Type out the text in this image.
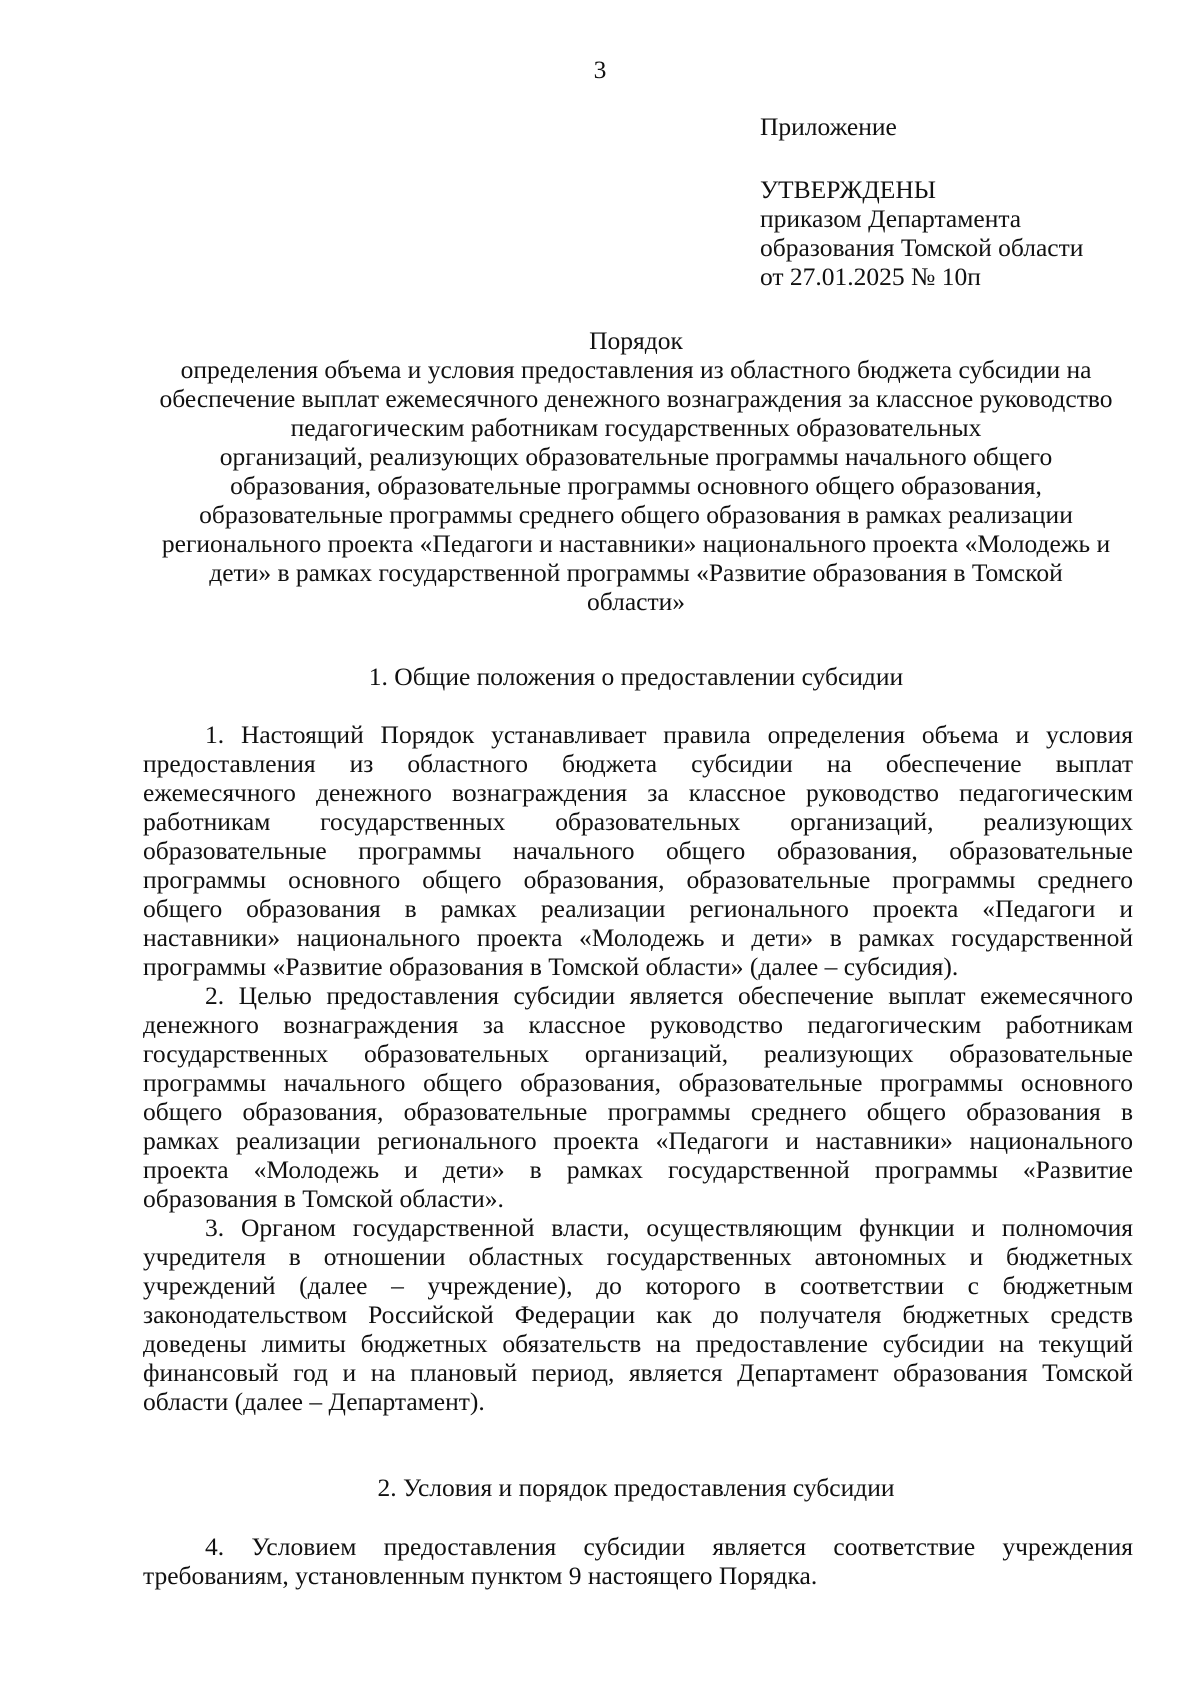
3
Приложение
УТВЕРЖДЕНЫ
приказом Департамента
образования Томской области
от 27.01.2025 № 10п
Порядок
определения объема и условия предоставления из областного бюджета субсидии на
обеспечение выплат ежемесячного денежного вознаграждения за классное руководство
педагогическим работникам государственных образовательных
организаций, реализующих образовательные программы начального общего
образования, образовательные программы основного общего образования,
образовательные программы среднего общего образования в рамках реализации
регионального проекта «Педагоги и наставники» национального проекта «Молодежь и
дети» в рамках государственной программы «Развитие образования в Томской
области»
1. Общие положения о предоставлении субсидии
1. Настоящий Порядок устанавливает правила определения объема и условия
предоставления из областного бюджета субсидии на обеспечение выплат
ежемесячного денежного вознаграждения за классное руководство педагогическим
работникам государственных образовательных организаций, реализующих
образовательные программы начального общего образования, образовательные
программы основного общего образования, образовательные программы среднего
общего образования в рамках реализации регионального проекта «Педагоги и
наставники» национального проекта «Молодежь и дети» в рамках государственной
программы «Развитие образования в Томской области» (далее – субсидия).
2. Целью предоставления субсидии является обеспечение выплат ежемесячного
денежного вознаграждения за классное руководство педагогическим работникам
государственных образовательных организаций, реализующих образовательные
программы начального общего образования, образовательные программы основного
общего образования, образовательные программы среднего общего образования в
рамках реализации регионального проекта «Педагоги и наставники» национального
проекта «Молодежь и дети» в рамках государственной программы «Развитие
образования в Томской области».
3. Органом государственной власти, осуществляющим функции и полномочия
учредителя в отношении областных государственных автономных и бюджетных
учреждений (далее – учреждение), до которого в соответствии с бюджетным
законодательством Российской Федерации как до получателя бюджетных средств
доведены лимиты бюджетных обязательств на предоставление субсидии на текущий
финансовый год и на плановый период, является Департамент образования Томской
области (далее – Департамент).
2. Условия и порядок предоставления субсидии
4. Условием предоставления субсидии является соответствие учреждения
требованиям, установленным пунктом 9 настоящего Порядка.
